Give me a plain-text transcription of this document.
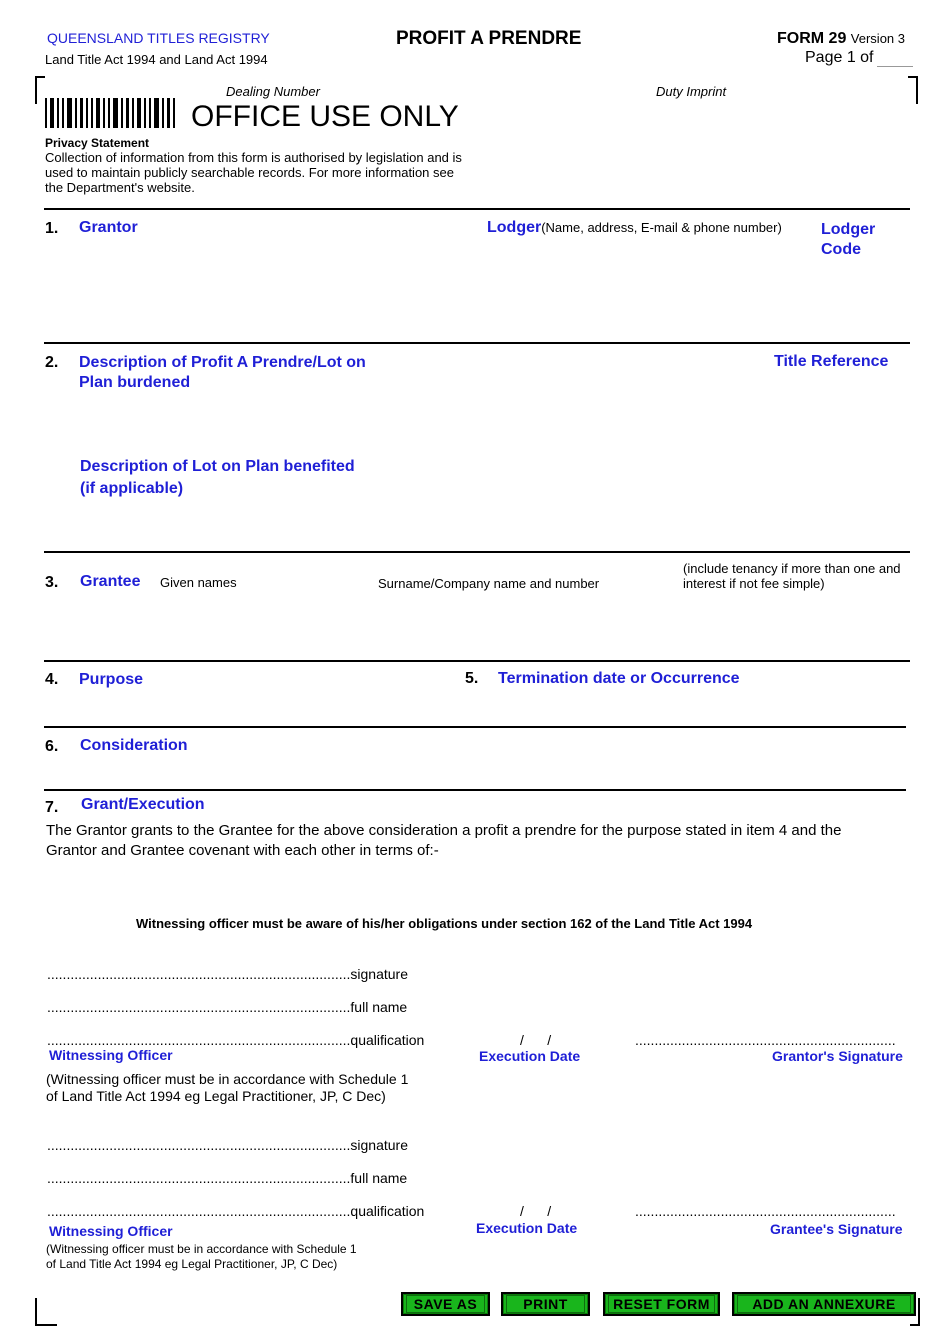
QUEENSLAND TITLES REGISTRY
Land Title Act 1994 and Land Act 1994
PROFIT A PRENDRE	FORM 29 Version 3
Page 1 of
Dealing Number	Duty Imprint
OFFICE USE ONLY
Privacy Statement
Collection of information from this form is authorised by legislation and is
used to maintain publicly searchable records. For more information see
the Department's website.
1. Grantor	Lodger(Name, address, E-mail & phone number) Lodger
Code
2. Description of Profit A Prendre/Lot on
Plan burdened
Title Reference
Description of Lot on Plan benefited
(if applicable)
3. Grantee Given names	Surname/Company name and number
(include tenancy if more than one and
interest if not fee simple)
4. Purpose	5. Termination date or Occurrence
6. Consideration
7. Grant/Execution
The Grantor grants to the Grantee for the above consideration a profit a prendre for the purpose stated in item 4 and the
Grantor and Grantee covenant with each other in terms of:-
Witnessing officer must be aware of his/her obligations under section 162 of the Land Title Act 1994
..............................................................................signature
..............................................................................full name
..............................................................................qualification
Witnessing Officer
(Witnessing officer must be in accordance with Schedule 1
of Land Title Act 1994 eg Legal Practitioner, JP, C Dec)
/      /
Execution Date
...................................................................
Grantor's Signature
..............................................................................signature
..............................................................................full name
..............................................................................qualification
Witnessing Officer
(Witnessing officer must be in accordance with Schedule 1
of Land Title Act 1994 eg Legal Practitioner, JP, C Dec)
/      /
Execution Date
...................................................................
Grantee's Signature
SAVE AS	PRINT	RESET FORM	ADD AN ANNEXURE
